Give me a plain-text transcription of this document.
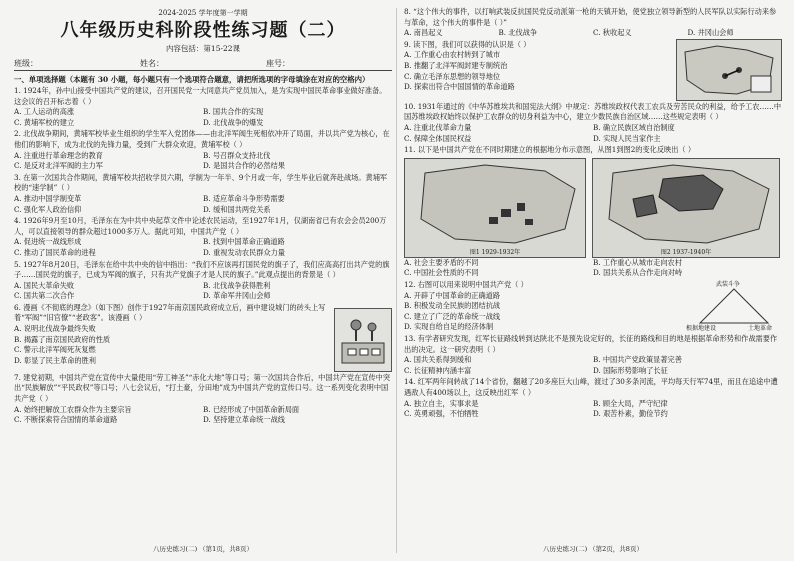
2024-2025 学年度第一学期
八年级历史科阶段性练习题（二）
内容包括：第15-22课
班级：	姓名：	座号：
一、单项选择题（本题有 30 小题，每小题只有一个选项符合题意，请把所选项的字母填涂在对应的空格内）
1. 1924年，孙中山接受中国共产党的建议，召开国民党一大同意共产党员加入，是为实现中国民革命事业做好准备。这会议的召开标志着（ ）
A. 工人运动的高涨	B. 国共合作的实现
C. 黄埔军校的建立	D. 北伐战争的爆发
2. 北伐战争期间，黄埔军校毕业生组织的学生军入党团体——由北洋军阀生死相依冲开了局面，并以共产党为核心，在他们的影响下，成为北伐的先锋力量，受到广大群众欢迎，黄埔军校（ ）
A. 注重进行革命理念的教育	B. 号召群众支持北伐
C. 是反对北洋军阀的主力军	D. 是国共合作的必然结果
3. 在第一次国共合作期间，黄埔军校共招收学员六期，学制为一年半、9个月或一年，学生毕业后就奔赴战场。黄埔军校的“速学制”（ ）
A. 推动中国学制变革	B. 适应革命斗争形势需要
C. 强化军人政治信仰	D. 缓和国共两党关系
4. 1926年9月至10月，毛泽东在为中共中央起草文件中论述农民运动，至1927年1月，仅湖南省已有农会会员200万人，可以直接领导的群众超过1000多万人。据此可知，中国共产党（ ）
A. 促进统一战线形成	B. 找到中国革命正确道路
C. 推动了国民革命的进程	D. 重视发动农民群众力量
5. 1927年8月20日，毛泽东在给中共中央的信中指出：“我们不应该再打国民党的旗子了，我们应高高打出共产党的旗子……国民党的旗子，已成为军阀的旗子，只有共产党旗子才是人民的旗子。”此观点提出的背景是（ ）
A. 国民大革命失败	B. 北伐战争获得胜利
C. 国共第二次合作	D. 革命军井冈山会师
6. 漫画《不彻底的理念》（如下图）创作于1927年南京国民政府成立后，画中建设城门的砖头上写着“军阀”“旧官僚”“老政客”。该漫画（ ）
A. 说明北伐战争最终失败
B. 揭露了南京国民政府的性质
C. 警示北洋军阀死灰复燃
D. 彰显了民主革命的胜利
7. 建党初期，中国共产党在宣传中大量使用“劳工神圣”“赤化大地”等口号；第一次国共合作后，中国共产党在宣传中突出“民族解放”“平民政权”等口号；八七会议后，“打土豪，分田地”成为中国共产党的宣传口号。这一系列变化表明中国共产党（ ）
A. 始终把解放工农群众作为主要宗旨	B. 已经形成了中国革命新局面
C. 不断探索符合国情的革命道路	D. 坚持建立革命统一战线
八历史练习(二) （第1页，共8页）
8. “这个伟大的事件，以打响武装反抗国民党反动派第一枪的天镇开始，使党独立领导新型的人民军队以实际行动来参与革命，这个伟大的事件是（ ）”
A. 南昌起义	B. 北伐战争	C. 秋收起义	D. 井冈山会师
9. 读下图，我们可以获得的认识是（ ）
A. 工作重心由农村转到了城市
B. 推翻了北洋军阀封建专制统治
C. 确立毛泽东思想的领导地位
D. 探索出符合中国国情的革命道路
10. 1931年通过的《中华苏维埃共和国宪法大纲》中规定：苏维埃政权代表工农兵及劳苦民众的利益，给予工农……中国苏维埃政权始终以保护工农群众的切身利益为中心，建立少数民族自治区域……这些规定表明（ ）
A. 注重北伐革命力量	B. 确立民族区域自治制度
C. 保障全体国民权益	D. 实现人民当家作主
11. 以下是中国共产党在不同时期建立的根据地分布示意图，从图1到图2的变化反映出（ ）
图1 1929-1932年	图2 1937-1940年
A. 社会主要矛盾的不同	B. 工作重心从城市走向农村
C. 中国社会性质的不同	D. 国共关系从合作走向对峙
12. 右图可以用来说明中国共产党（ ）
A. 开辟了中国革命的正确道路
B. 积极发动全民族的团结抗战
C. 建立了广泛的革命统一战线
D. 实现自给自足的经济体制
武装斗争
根据地建设	土地革命
13. 有学者研究发现，红军长征路线转到达陕北不是预先设定好的，长征的路线和目的地是根据革命形势和作战需要作出的决定。这一研究表明（ ）
A. 国共关系得到缓和	B. 中国共产党政策显著完善
C. 长征精神内涵丰富	D. 国际形势影响了长征
14. 红军两年间转战了14个省份，翻越了20多座巨大山峰，渡过了30多条河流，平均每天行军74里，而且在追途中遭遇敌人有400场以上，这反映出红军（ ）
A. 独立自主，实事求是	B. 顾全大局，严守纪律
C. 英勇顽强，不怕牺牲	D. 艰苦朴素，勤俭节约
八历史练习(二) （第2页，共8页）
